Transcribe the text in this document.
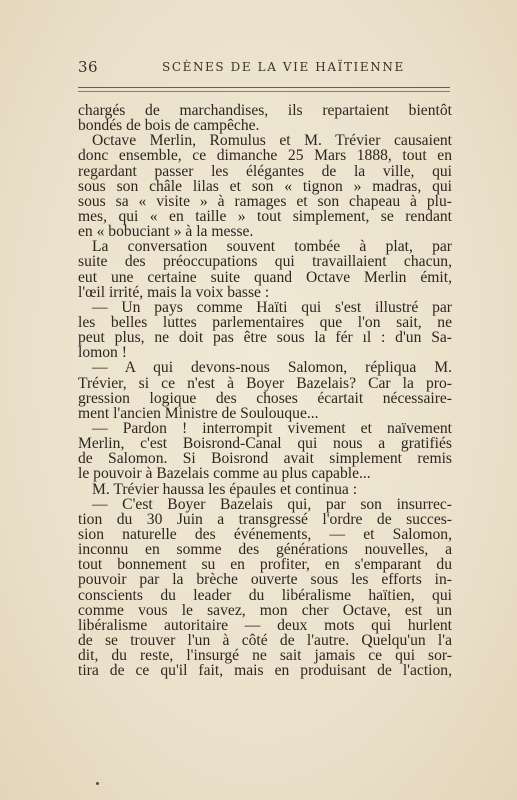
36	SCÈNES DE LA VIE HAÏTIENNE
chargés de marchandises, ils repartaient bientôt
bondés de bois de campêche.
Octave Merlin, Romulus et M. Trévier causaient
donc ensemble, ce dimanche 25 Mars 1888, tout en
regardant passer les élégantes de la ville, qui
sous son châle lilas et son « tignon » madras, qui
sous sa « visite » à ramages et son chapeau à plu-
mes, qui « en taille » tout simplement, se rendant
en « bobuciant » à la messe.
La conversation souvent tombée à plat, par
suite des préoccupations qui travaillaient chacun,
eut une certaine suite quand Octave Merlin émit,
l'œil irrité, mais la voix basse :
— Un pays comme Haïti qui s'est illustré par
les belles luttes parlementaires que l'on sait, ne
peut plus, ne doit pas être sous la fér ıl : d'un Sa-
lomon !
— A qui devons-nous Salomon, répliqua M.
Trévier, si ce n'est à Boyer Bazelais? Car la pro-
gression logique des choses écartait nécessaire-
ment l'ancien Ministre de Soulouque...
— Pardon ! interrompit vivement et naïvement
Merlin, c'est Boisrond-Canal qui nous a gratifiés
de Salomon. Si Boisrond avait simplement remis
le pouvoir à Bazelais comme au plus capable...
M. Trévier haussa les épaules et continua :
— C'est Boyer Bazelais qui, par son insurrec-
tion du 30 Juin a transgressé l'ordre de succes-
sion naturelle des événements, — et Salomon,
inconnu en somme des générations nouvelles, a
tout bonnement su en profiter, en s'emparant du
pouvoir par la brèche ouverte sous les efforts in-
conscients du leader du libéralisme haïtien, qui
comme vous le savez, mon cher Octave, est un
libéralisme autoritaire — deux mots qui hurlent
de se trouver l'un à côté de l'autre. Quelqu'un l'a
dit, du reste, l'insurgé ne sait jamais ce qui sor-
tira de ce qu'il fait, mais en produisant de l'action,
